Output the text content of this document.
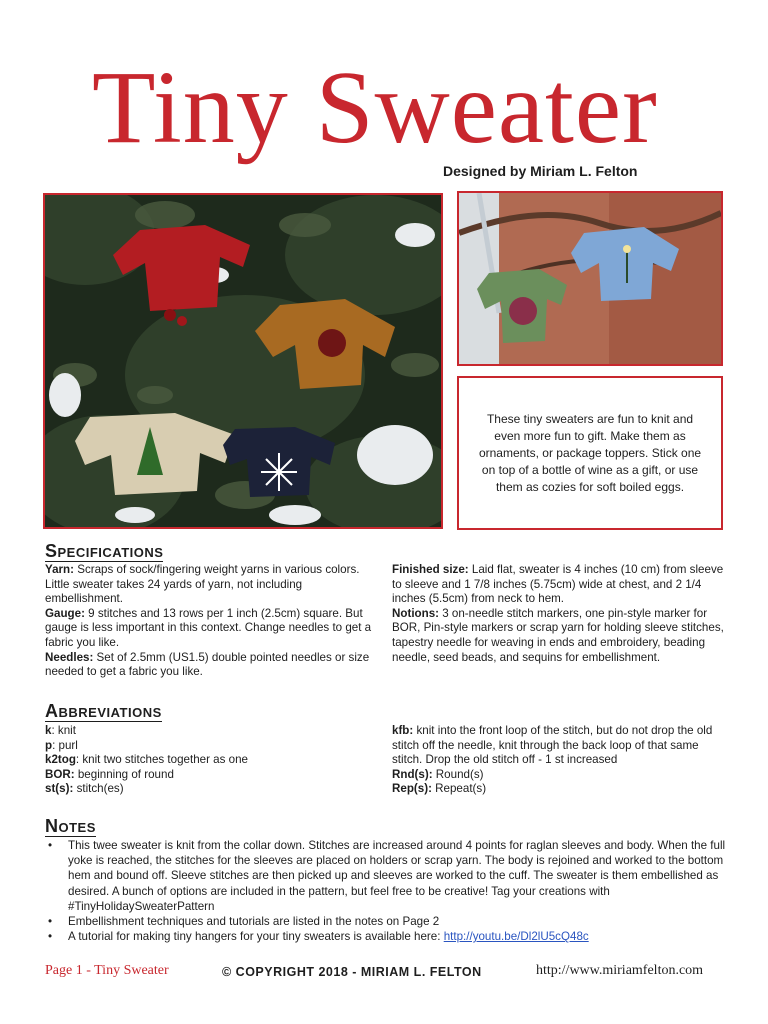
Tiny Sweater
Designed by Miriam L. Felton

These tiny sweaters are fun to knit and even more fun to gift. Make them as ornaments, or package toppers. Stick one on top of a bottle of wine as a gift, or use them as cozies for soft boiled eggs.

Specifications

Yarn: Scraps of sock/fingering weight yarns in various colors. Little sweater takes 24 yards of yarn, not including embellishment.

Gauge: 9 stitches and 13 rows per 1 inch (2.5cm) square. But gauge is less important in this context. Change needles to get a fabric you like.

Needles: Set of 2.5mm (US1.5) double pointed needles or size needed to get a fabric you like.

Finished size: Laid flat, sweater is 4 inches (10 cm) from sleeve to sleeve and 1 7/8 inches (5.75cm) wide at chest, and 2 1/4 inches (5.5cm) from neck to hem.

Notions: 3 on-needle stitch markers, one pin-style marker for BOR, Pin-style markers or scrap yarn for holding sleeve stitches, tapestry needle for weaving in ends and embroidery, beading needle, seed beads, and sequins for embellishment.

Abbreviations

k: knit

p: purl

k2tog: knit two stitches together as one

BOR: beginning of round

st(s): stitch(es)

kfb: knit into the front loop of the stitch, but do not drop the old stitch off the needle, knit through the back loop of that same stitch. Drop the old stitch off - 1 st increased

Rnd(s): Round(s)

Rep(s): Repeat(s)

Notes
• This twee sweater is knit from the collar down. Stitches are increased around 4 points for raglan sleeves and body. When the full yoke is reached, the stitches for the sleeves are placed on holders or scrap yarn. The body is rejoined and worked to the bottom hem and bound off. Sleeve stitches are then picked up and sleeves are worked to the cuff. The sweater is them embellished as desired. A bunch of options are included in the pattern, but feel free to be creative! Tag your creations with #TinyHolidaySweaterPattern
• Embellishment techniques and tutorials are listed in the notes on Page 2
• A tutorial for making tiny hangers for your tiny sweaters is available here: http://youtu.be/Dl2lU5cQ48c
Page 1 - Tiny Sweater	© COPYRIGHT 2018 - MIRIAM L. FELTON	http://www.miriamfelton.com
